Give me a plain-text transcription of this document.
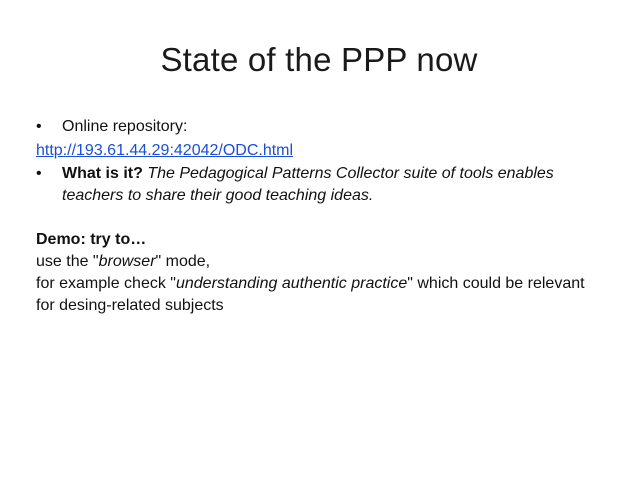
State of the PPP now
•	Online repository:
http://193.61.44.29:42042/ODC.html
•	What is it? The Pedagogical Patterns Collector suite of tools enables teachers to share their good teaching ideas.
Demo: try to…
use the "browser" mode,
for example check "understanding authentic practice" which could be relevant for desing-related subjects
